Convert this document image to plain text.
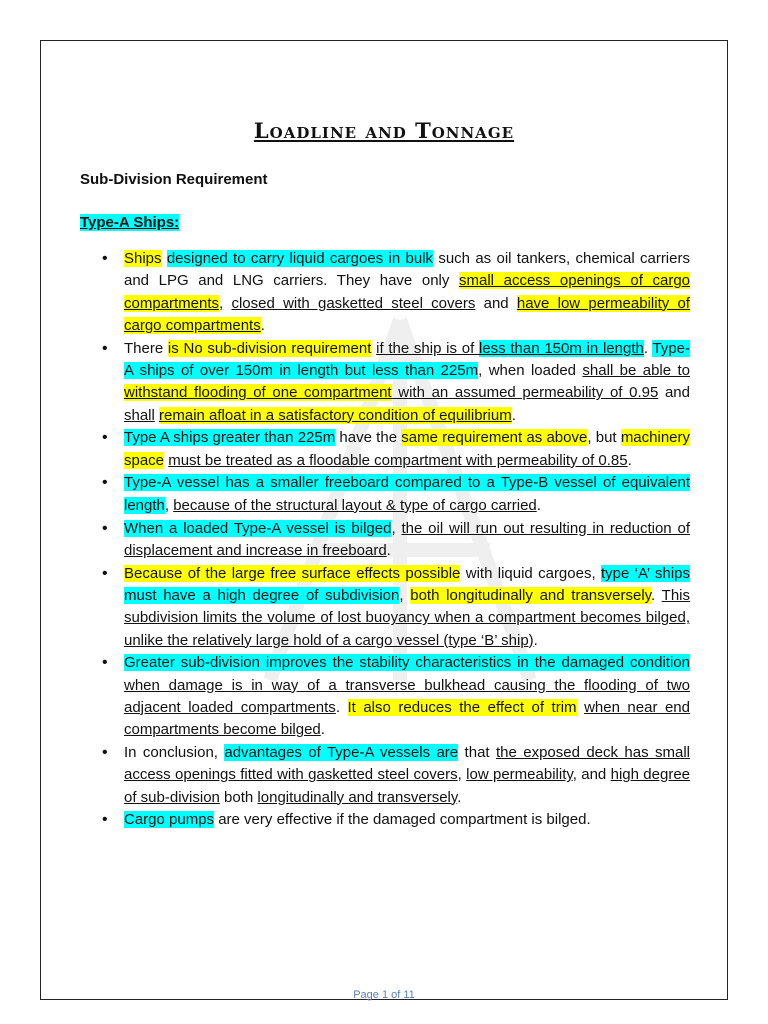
Loadline and Tonnage
Sub-Division Requirement
Type-A Ships:
• Ships designed to carry liquid cargoes in bulk such as oil tankers, chemical carriers and LPG and LNG carriers. They have only small access openings of cargo compartments, closed with gasketted steel covers and have low permeability of cargo compartments.
• There is No sub-division requirement if the ship is of less than 150m in length. Type-A ships of over 150m in length but less than 225m, when loaded shall be able to withstand flooding of one compartment with an assumed permeability of 0.95 and shall remain afloat in a satisfactory condition of equilibrium.
• Type A ships greater than 225m have the same requirement as above, but machinery space must be treated as a floodable compartment with permeability of 0.85.
• Type-A vessel has a smaller freeboard compared to a Type-B vessel of equivalent length, because of the structural layout & type of cargo carried.
• When a loaded Type-A vessel is bilged, the oil will run out resulting in reduction of displacement and increase in freeboard.
• Because of the large free surface effects possible with liquid cargoes, type ‘A’ ships must have a high degree of subdivision, both longitudinally and transversely. This subdivision limits the volume of lost buoyancy when a compartment becomes bilged, unlike the relatively large hold of a cargo vessel (type ‘B’ ship).
• Greater sub-division improves the stability characteristics in the damaged condition when damage is in way of a transverse bulkhead causing the flooding of two adjacent loaded compartments. It also reduces the effect of trim when near end compartments become bilged.
• In conclusion, advantages of Type-A vessels are that the exposed deck has small access openings fitted with gasketted steel covers, low permeability, and high degree of sub-division both longitudinally and transversely.
• Cargo pumps are very effective if the damaged compartment is bilged.
Page 1 of 11
